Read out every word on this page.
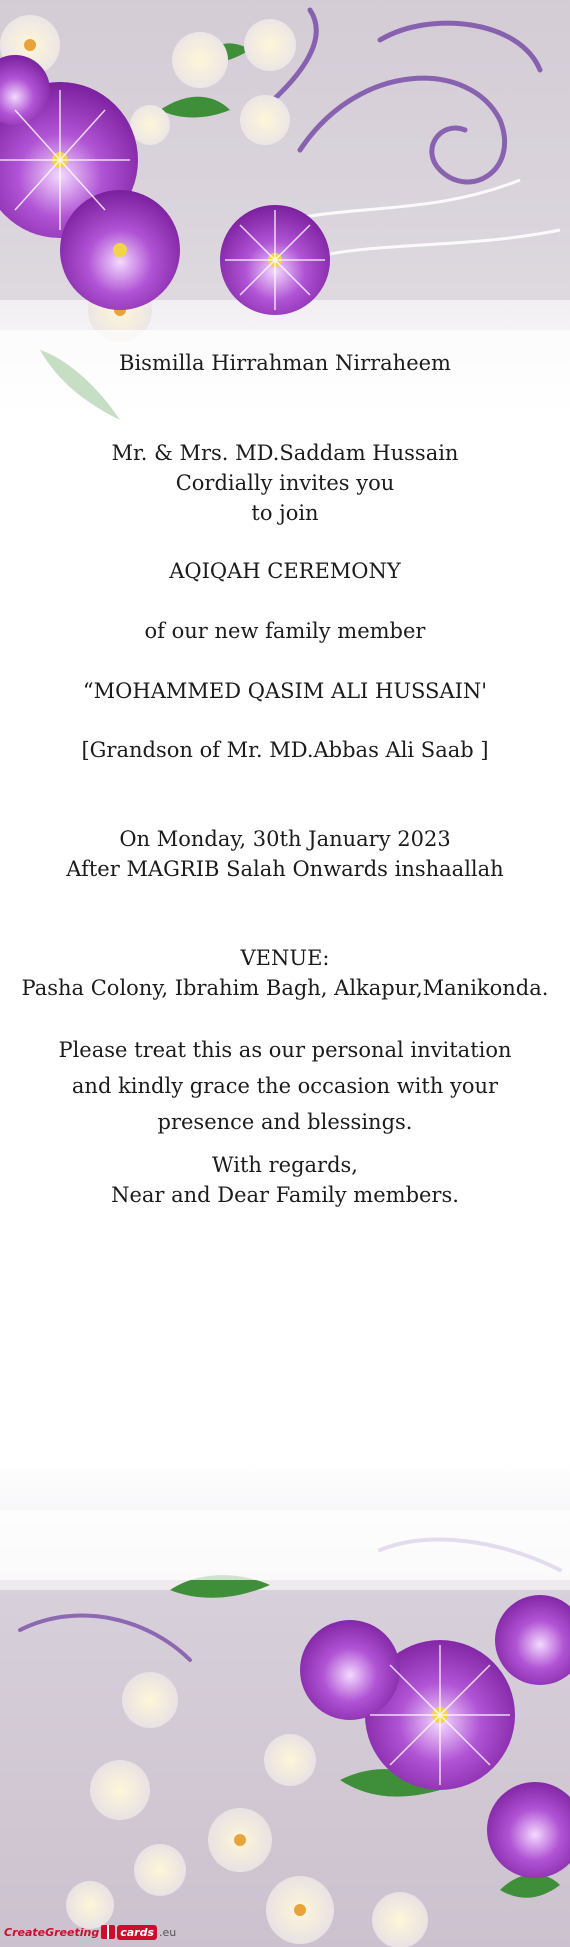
Bismilla Hirrahman Nirraheem
Mr. & Mrs. MD.Saddam Hussain
Cordially invites you
to join
AQIQAH CEREMONY
of our new family member
“MOHAMMED QASIM ALI HUSSAIN'
[Grandson of Mr. MD.Abbas Ali Saab ]
On Monday, 30th January 2023
After MAGRIB Salah Onwards inshaallah
VENUE:
Pasha Colony, Ibrahim Bagh, Alkapur,Manikonda.
Please treat this as our personal invitation and kindly grace the occasion with your presence and blessings.
With regards,
Near and Dear Family members.
CreateGreeting cards .eu
